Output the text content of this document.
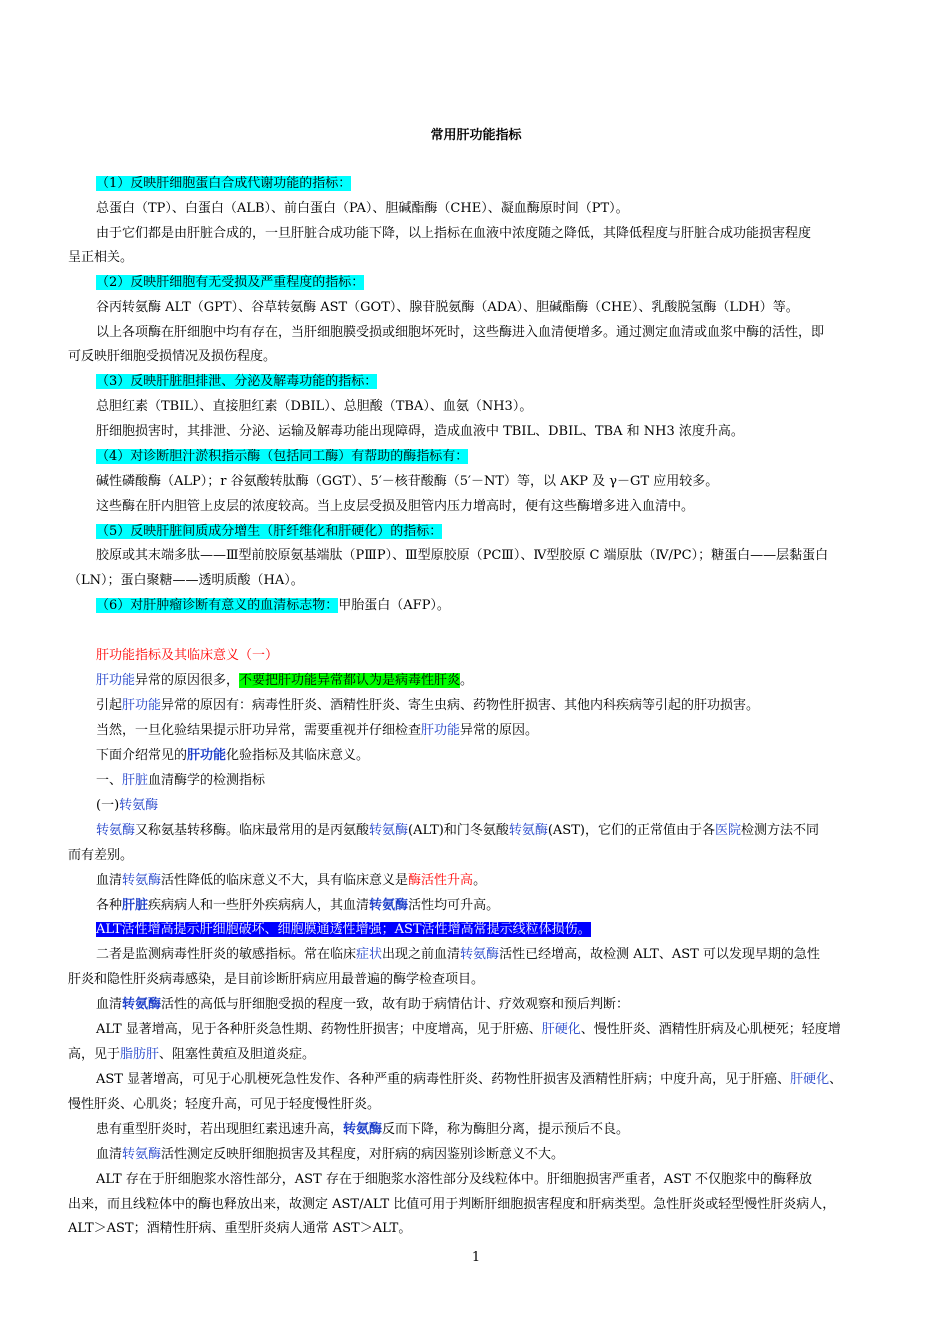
常用肝功能指标
（1）反映肝细胞蛋白合成代谢功能的指标：
总蛋白（TP）、白蛋白（ALB）、前白蛋白（PA）、胆碱酯酶（CHE）、凝血酶原时间（PT）。
由于它们都是由肝脏合成的，一旦肝脏合成功能下降，以上指标在血液中浓度随之降低，其降低程度与肝脏合成功能损害程度
呈正相关。
（2）反映肝细胞有无受损及严重程度的指标：
谷丙转氨酶 ALT（GPT）、谷草转氨酶 AST（GOT）、腺苷脱氨酶（ADA）、胆碱酯酶（CHE）、乳酸脱氢酶（LDH）等。
以上各项酶在肝细胞中均有存在，当肝细胞膜受损或细胞坏死时，这些酶进入血清便增多。通过测定血清或血浆中酶的活性，即
可反映肝细胞受损情况及损伤程度。
（3）反映肝脏胆排泄、分泌及解毒功能的指标：
总胆红素（TBIL）、直接胆红素（DBIL）、总胆酸（TBA）、血氨（NH3）。
肝细胞损害时，其排泄、分泌、运输及解毒功能出现障碍，造成血液中 TBIL、DBIL、TBA 和 NH3 浓度升高。
（4）对诊断胆汁淤积指示酶（包括同工酶）有帮助的酶指标有：
碱性磷酸酶（ALP）；r 谷氨酸转肽酶（GGT）、5′－核苷酸酶（5′－NT）等，以 AKP 及 γ－GT 应用较多。
这些酶在肝内胆管上皮层的浓度较高。当上皮层受损及胆管内压力增高时，便有这些酶增多进入血清中。
（5）反映肝脏间质成分增生（肝纤维化和肝硬化）的指标：
胶原或其末端多肽——Ⅲ型前胶原氨基端肽（PⅢP）、Ⅲ型原胶原（PCⅢ）、Ⅳ型胶原 C 端原肽（Ⅳ/PC）；糖蛋白——层黏蛋白
（LN）；蛋白聚糖——透明质酸（HA）。
（6）对肝肿瘤诊断有意义的血清标志物：甲胎蛋白（AFP）。
肝功能指标及其临床意义（一）
肝功能异常的原因很多，不要把肝功能异常都认为是病毒性肝炎。
引起肝功能异常的原因有：病毒性肝炎、酒精性肝炎、寄生虫病、药物性肝损害、其他内科疾病等引起的肝功损害。
当然，一旦化验结果提示肝功异常，需要重视并仔细检查肝功能异常的原因。
下面介绍常见的肝功能化验指标及其临床意义。
一、肝脏血清酶学的检测指标
(一)转氨酶
转氨酶又称氨基转移酶。临床最常用的是丙氨酸转氨酶(ALT)和门冬氨酸转氨酶(AST)，它们的正常值由于各医院检测方法不同
而有差别。
血清转氨酶活性降低的临床意义不大，具有临床意义是酶活性升高。
各种肝脏疾病病人和一些肝外疾病病人，其血清转氨酶活性均可升高。
ALT活性增高提示肝细胞破坏、细胞膜通透性增强；AST活性增高常提示线粒体损伤。
二者是监测病毒性肝炎的敏感指标。常在临床症状出现之前血清转氨酶活性已经增高，故检测 ALT、AST 可以发现早期的急性
肝炎和隐性肝炎病毒感染，是目前诊断肝病应用最普遍的酶学检查项目。
血清转氨酶活性的高低与肝细胞受损的程度一致，故有助于病情估计、疗效观察和预后判断：
ALT 显著增高，见于各种肝炎急性期、药物性肝损害；中度增高，见于肝癌、肝硬化、慢性肝炎、酒精性肝病及心肌梗死；轻度增
高，见于脂肪肝、阻塞性黄疸及胆道炎症。
AST 显著增高，可见于心肌梗死急性发作、各种严重的病毒性肝炎、药物性肝损害及酒精性肝病；中度升高，见于肝癌、肝硬化、
慢性肝炎、心肌炎；轻度升高，可见于轻度慢性肝炎。
患有重型肝炎时，若出现胆红素迅速升高，转氨酶反而下降，称为酶胆分离，提示预后不良。
血清转氨酶活性测定反映肝细胞损害及其程度，对肝病的病因鉴别诊断意义不大。
ALT 存在于肝细胞浆水溶性部分，AST 存在于细胞浆水溶性部分及线粒体中。肝细胞损害严重者，AST 不仅胞浆中的酶释放
出来，而且线粒体中的酶也释放出来，故测定 AST/ALT 比值可用于判断肝细胞损害程度和肝病类型。急性肝炎或轻型慢性肝炎病人，
ALT＞AST；酒精性肝病、重型肝炎病人通常 AST＞ALT。
1
